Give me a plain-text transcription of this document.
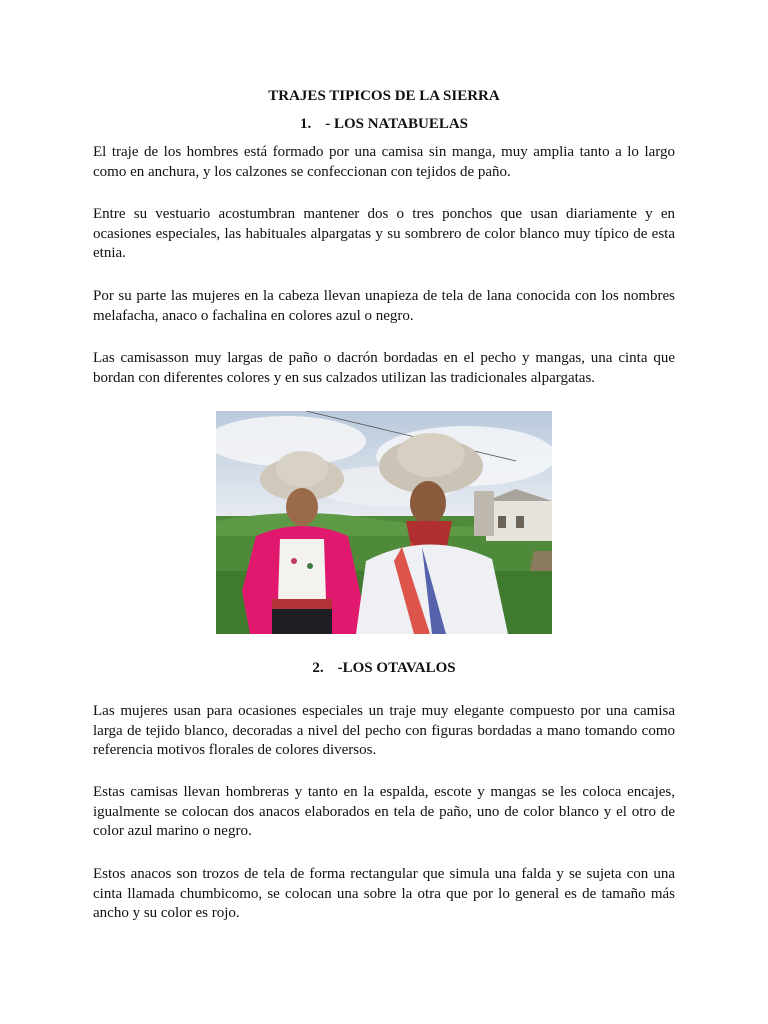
TRAJES TIPICOS DE LA SIERRA
1. - LOS NATABUELAS

El traje de los hombres está formado por una camisa sin manga, muy amplia tanto a lo largo como en anchura, y los calzones se confeccionan con tejidos de paño.

Entre su vestuario acostumbran mantener dos o tres ponchos que usan diariamente y en ocasiones especiales, las habituales alpargatas y su sombrero de color blanco muy típico de esta etnia.

Por su parte las mujeres en la cabeza llevan unapieza de tela de lana conocida con los nombres melafacha, anaco o fachalina en colores azul o negro.

Las camisasson muy largas de paño o dacrón bordadas en el pecho y mangas, una cinta que bordan con diferentes colores y en sus calzados utilizan las tradicionales alpargatas.

2. -LOS OTAVALOS

Las mujeres usan para ocasiones especiales un traje muy elegante compuesto por una camisa larga de tejido blanco, decoradas a nivel del pecho con figuras bordadas a mano tomando como referencia motivos florales de colores diversos.

Estas camisas llevan hombreras y tanto en la espalda, escote y mangas se les coloca encajes, igualmente se colocan dos anacos elaborados en tela de paño, uno de color blanco y el otro de color azul marino o negro.

Estos anacos son trozos de tela de forma rectangular que simula una falda y se sujeta con una cinta llamada chumbicomo, se colocan una sobre la otra que por lo general es de tamaño más ancho y su color es rojo.
